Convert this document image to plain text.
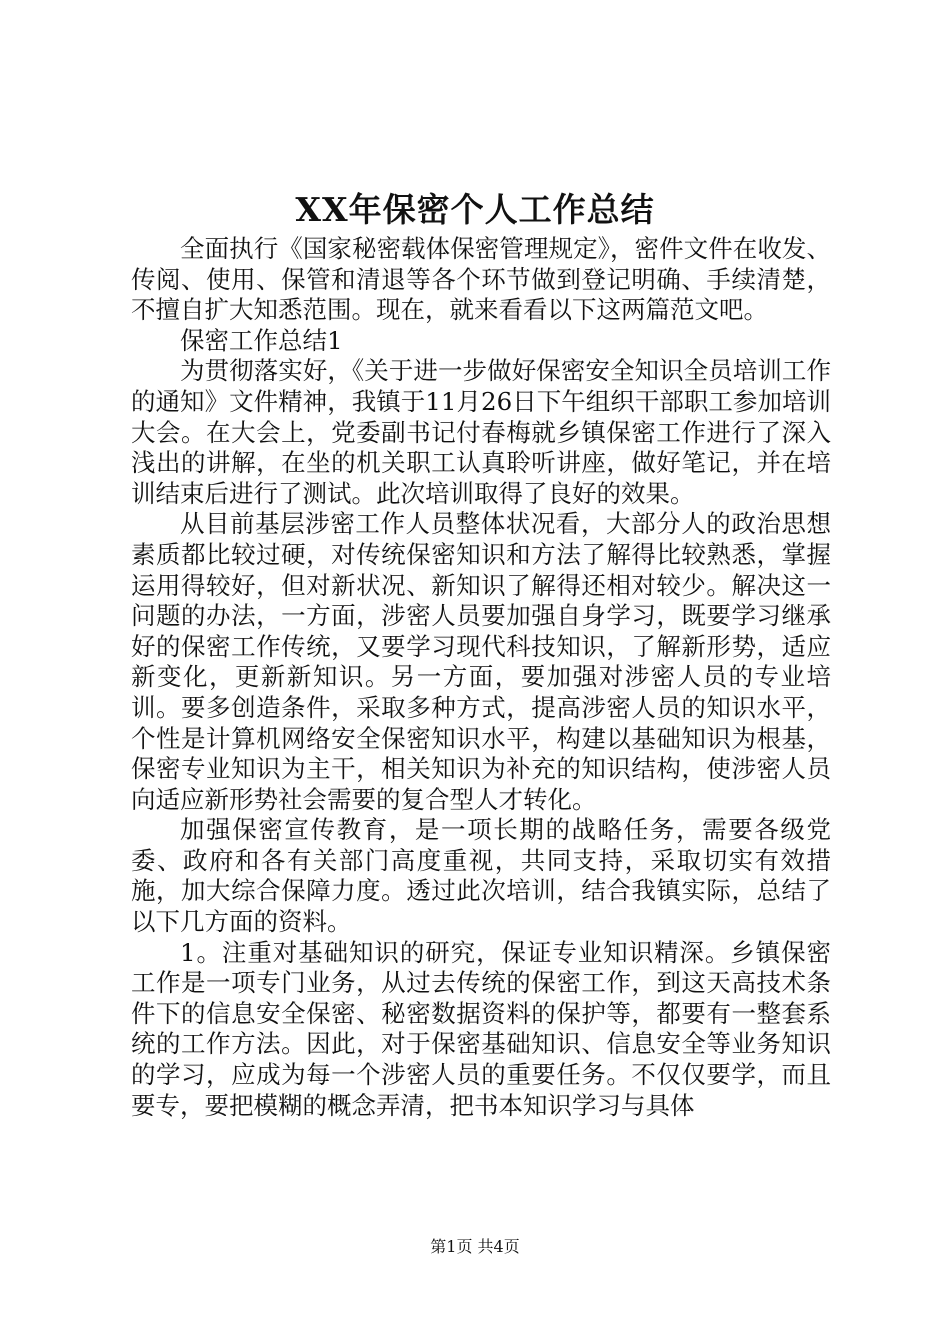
XX年保密个人工作总结

全面执行《国家秘密载体保密管理规定》，密件文件在收发、传阅、使用、保管和清退等各个环节做到登记明确、手续清楚，不擅自扩大知悉范围。现在，就来看看以下这两篇范文吧。

保密工作总结1

为贯彻落实好，《关于进一步做好保密安全知识全员培训工作的通知》文件精神，我镇于11月26日下午组织干部职工参加培训大会。在大会上，党委副书记付春梅就乡镇保密工作进行了深入浅出的讲解，在坐的机关职工认真聆听讲座，做好笔记，并在培训结束后进行了测试。此次培训取得了良好的效果。

从目前基层涉密工作人员整体状况看，大部分人的政治思想素质都比较过硬，对传统保密知识和方法了解得比较熟悉，掌握运用得较好，但对新状况、新知识了解得还相对较少。解决这一问题的办法，一方面，涉密人员要加强自身学习，既要学习继承好的保密工作传统，又要学习现代科技知识，了解新形势，适应新变化，更新新知识。另一方面，要加强对涉密人员的专业培训。要多创造条件，采取多种方式，提高涉密人员的知识水平，个性是计算机网络安全保密知识水平，构建以基础知识为根基，保密专业知识为主干，相关知识为补充的知识结构，使涉密人员向适应新形势社会需要的复合型人才转化。

加强保密宣传教育，是一项长期的战略任务，需要各级党委、政府和各有关部门高度重视，共同支持，采取切实有效措施，加大综合保障力度。透过此次培训，结合我镇实际，总结了以下几方面的资料。

1。注重对基础知识的研究，保证专业知识精深。乡镇保密工作是一项专门业务，从过去传统的保密工作，到这天高技术条件下的信息安全保密、秘密数据资料的保护等，都要有一整套系统的工作方法。因此，对于保密基础知识、信息安全等业务知识的学习，应成为每一个涉密人员的重要任务。不仅仅要学，而且要专，要把模糊的概念弄清，把书本知识学习与具体

第1页 共4页
